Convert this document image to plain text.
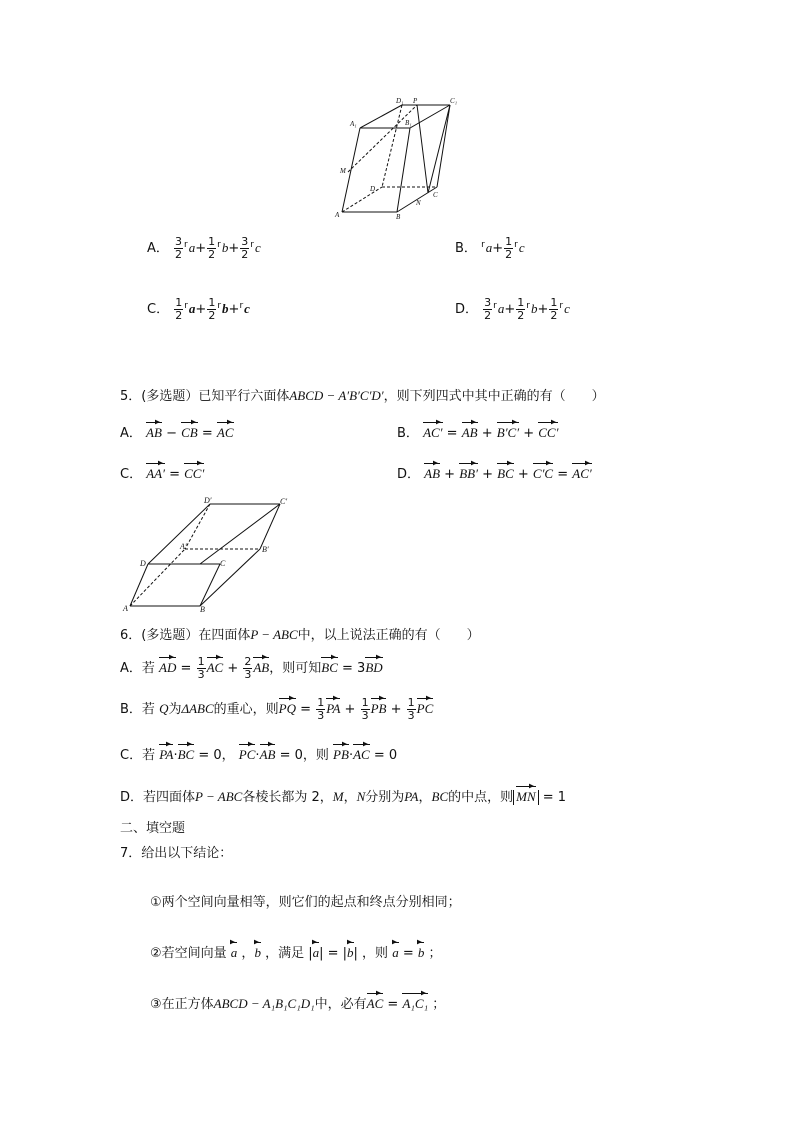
D₁ P	C₁
A₁	B₁
M
D
C
N
A	B
A． $\frac{3}{2} ^ra+ \frac{1}{2} ^rb+ \frac{3}{2} ^rc$	B． $^ra+ \frac{1}{2} ^rc$
C． $\frac{1}{2} ^ra+ \frac{1}{2} ^rb+^rc$	D． $\frac{3}{2} ^ra+ \frac{1}{2} ^rb+ \frac{1}{2} ^rc$
5．(多选题）已知平行六面体ABCD − A′B′C′D′，则下列四式中其中正确的有（　　）
A． AB − CB = AC	B． AC′ = AB + B′C′ + CC′
C． AA′ = CC′	D． AB + BB′ + BC + C′C = AC′
D′	C′
A′	B′
D	C
A	B
6．(多选题）在四面体P − ABC中，以上说法正确的有（　　）
A．若 AD = $\frac{1}{3}$ AC + $\frac{2}{3}$ AB，则可知BC = 3BD
B．若 Q为ΔABC的重心，则PQ = $\frac{1}{3}$ PA + $\frac{1}{3}$ PB + $\frac{1}{3}$ PC
C．若 PA·BC = 0， PC·AB = 0，则 PB·AC = 0
D．若四面体P − ABC各棱长都为 2，M，N分别为PA，BC的中点，则 MN = 1
二、填空题
7．给出以下结论：
①两个空间向量相等，则它们的起点和终点分别相同；
②若空间向量 a ，b ，满足 |a| = |b| ，则 a = b ；
③在正方体ABCD − A₁B₁C₁D₁中，必有AC = A₁C₁ ；
